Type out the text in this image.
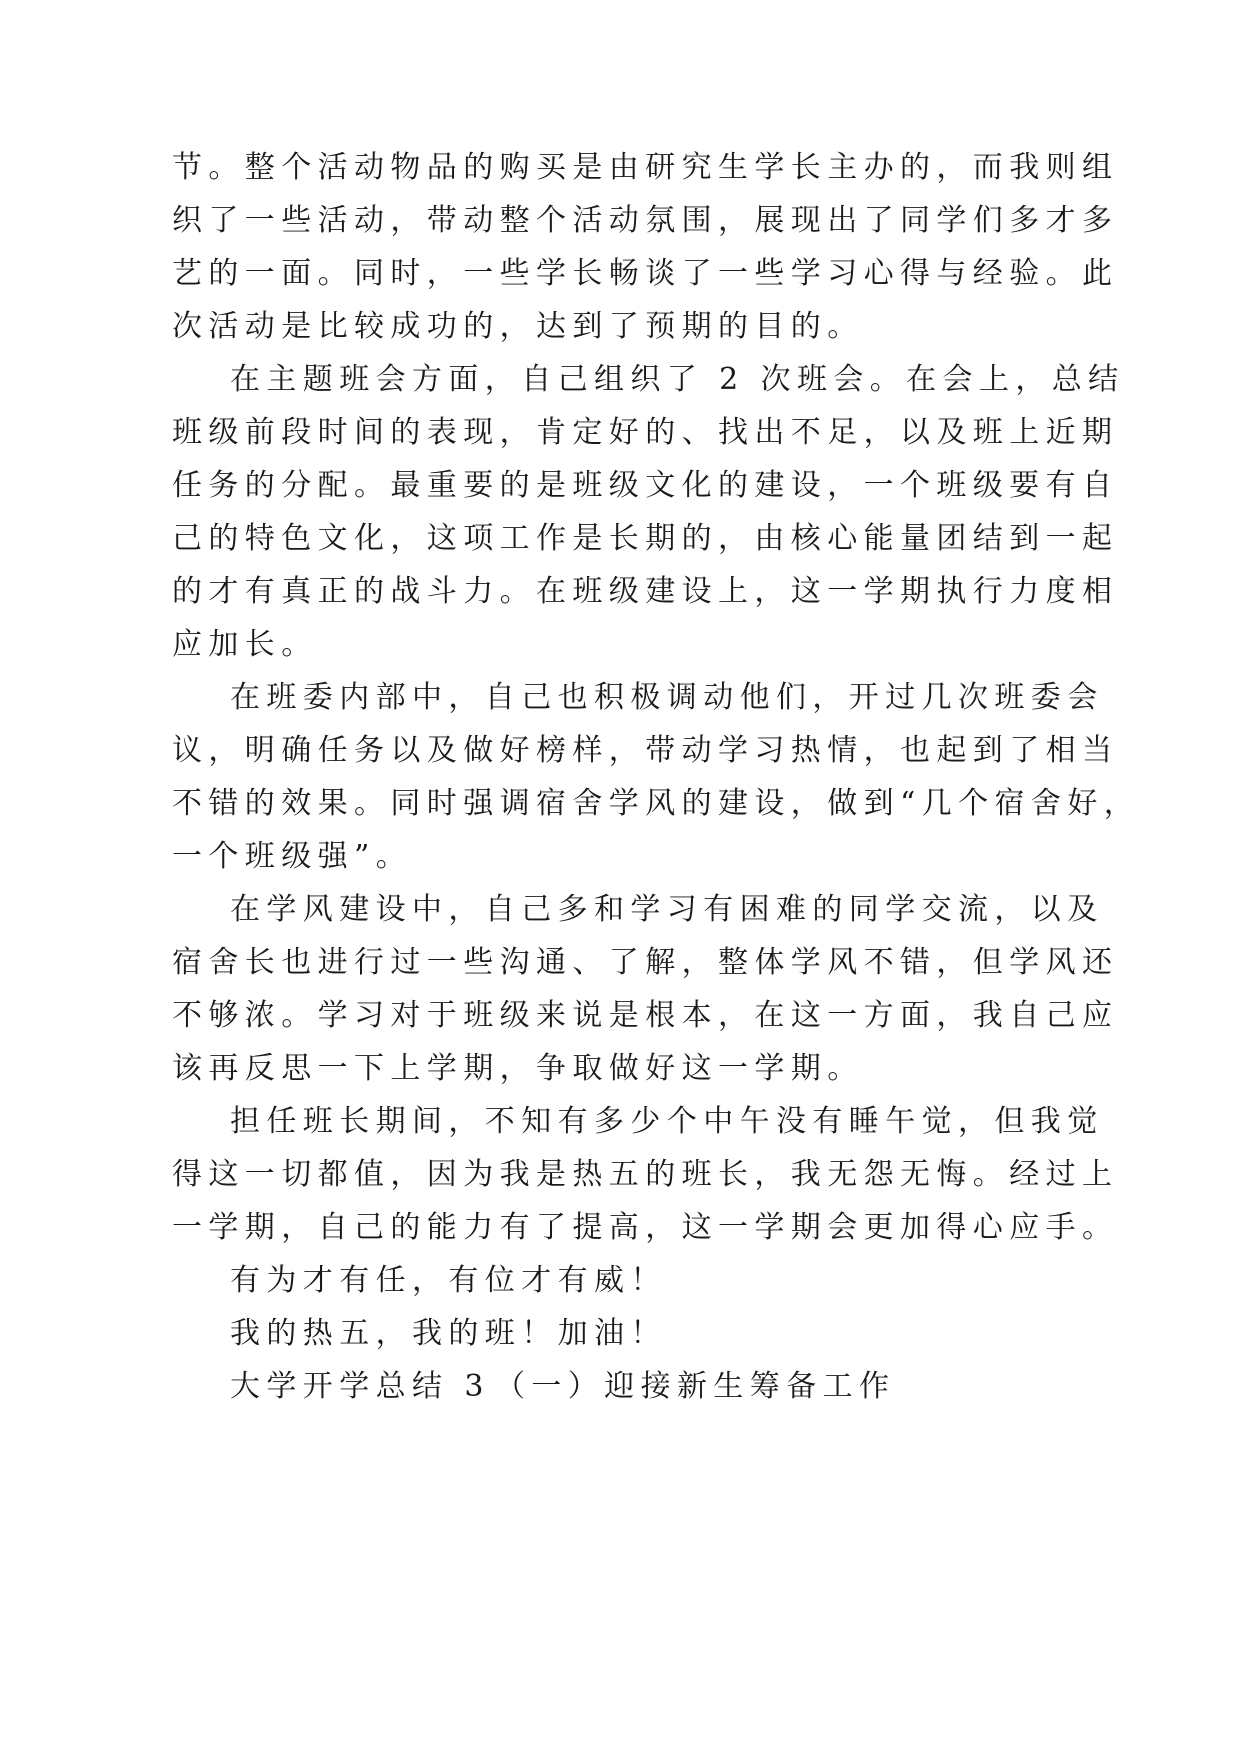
节。整个活动物品的购买是由研究生学长主办的，而我则组
织了一些活动，带动整个活动氛围，展现出了同学们多才多
艺的一面。同时，一些学长畅谈了一些学习心得与经验。此
次活动是比较成功的，达到了预期的目的。
在主题班会方面，自己组织了 2 次班会。在会上，总结
班级前段时间的表现，肯定好的、找出不足，以及班上近期
任务的分配。最重要的是班级文化的建设，一个班级要有自
己的特色文化，这项工作是长期的，由核心能量团结到一起
的才有真正的战斗力。在班级建设上，这一学期执行力度相
应加长。
在班委内部中，自己也积极调动他们，开过几次班委会
议，明确任务以及做好榜样，带动学习热情，也起到了相当
不错的效果。同时强调宿舍学风的建设，做到“几个宿舍好，
一个班级强”。
在学风建设中，自己多和学习有困难的同学交流，以及
宿舍长也进行过一些沟通、了解，整体学风不错，但学风还
不够浓。学习对于班级来说是根本，在这一方面，我自己应
该再反思一下上学期，争取做好这一学期。
担任班长期间，不知有多少个中午没有睡午觉，但我觉
得这一切都值，因为我是热五的班长，我无怨无悔。经过上
一学期，自己的能力有了提高，这一学期会更加得心应手。
有为才有任，有位才有威！
我的热五，我的班！加油！
大学开学总结 3 （一）迎接新生筹备工作
